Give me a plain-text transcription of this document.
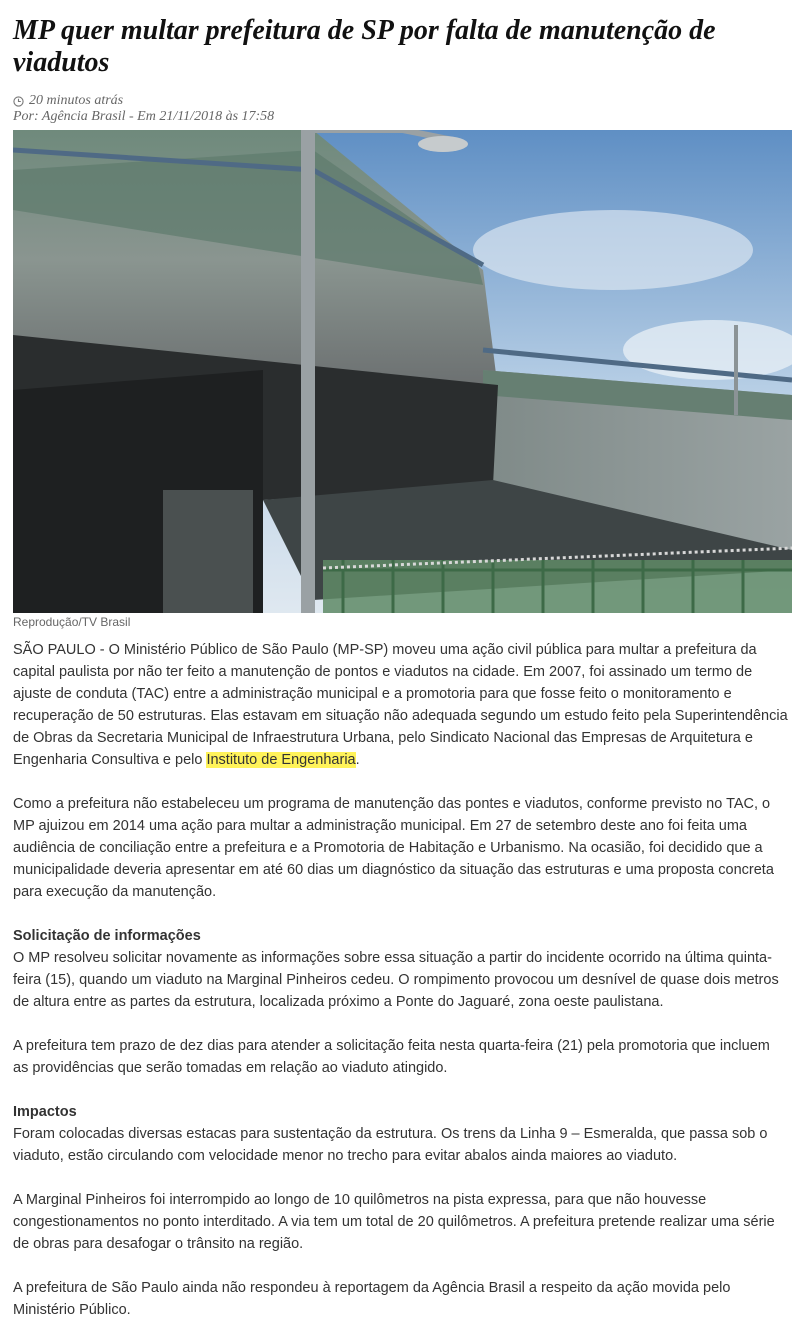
MP quer multar prefeitura de SP por falta de manutenção de viadutos
20 minutos atrás
Por: Agência Brasil - Em 21/11/2018 às 17:58
Reprodução/TV Brasil

SÃO PAULO - O Ministério Público de São Paulo (MP-SP) moveu uma ação civil pública para multar a prefeitura da capital paulista por não ter feito a manutenção de pontos e viadutos na cidade. Em 2007, foi assinado um termo de ajuste de conduta (TAC) entre a administração municipal e a promotoria para que fosse feito o monitoramento e recuperação de 50 estruturas. Elas estavam em situação não adequada segundo um estudo feito pela Superintendência de Obras da Secretaria Municipal de Infraestrutura Urbana, pelo Sindicato Nacional das Empresas de Arquitetura e Engenharia Consultiva e pelo Instituto de Engenharia.

Como a prefeitura não estabeleceu um programa de manutenção das pontes e viadutos, conforme previsto no TAC, o MP ajuizou em 2014 uma ação para multar a administração municipal. Em 27 de setembro deste ano foi feita uma audiência de conciliação entre a prefeitura e a Promotoria de Habitação e Urbanismo. Na ocasião, foi decidido que a municipalidade deveria apresentar em até 60 dias um diagnóstico da situação das estruturas e uma proposta concreta para execução da manutenção.

Solicitação de informações

O MP resolveu solicitar novamente as informações sobre essa situação a partir do incidente ocorrido na última quinta-feira (15), quando um viaduto na Marginal Pinheiros cedeu. O rompimento provocou um desnível de quase dois metros de altura entre as partes da estrutura, localizada próximo a Ponte do Jaguaré, zona oeste paulistana.

A prefeitura tem prazo de dez dias para atender a solicitação feita nesta quarta-feira (21) pela promotoria que incluem as providências que serão tomadas em relação ao viaduto atingido.

Impactos

Foram colocadas diversas estacas para sustentação da estrutura. Os trens da Linha 9 – Esmeralda, que passa sob o viaduto, estão circulando com velocidade menor no trecho para evitar abalos ainda maiores ao viaduto.

A Marginal Pinheiros foi interrompido ao longo de 10 quilômetros na pista expressa, para que não houvesse congestionamentos no ponto interditado. A via tem um total de 20 quilômetros. A prefeitura pretende realizar uma série de obras para desafogar o trânsito na região.

A prefeitura de São Paulo ainda não respondeu à reportagem da Agência Brasil a respeito da ação movida pelo Ministério Público.
